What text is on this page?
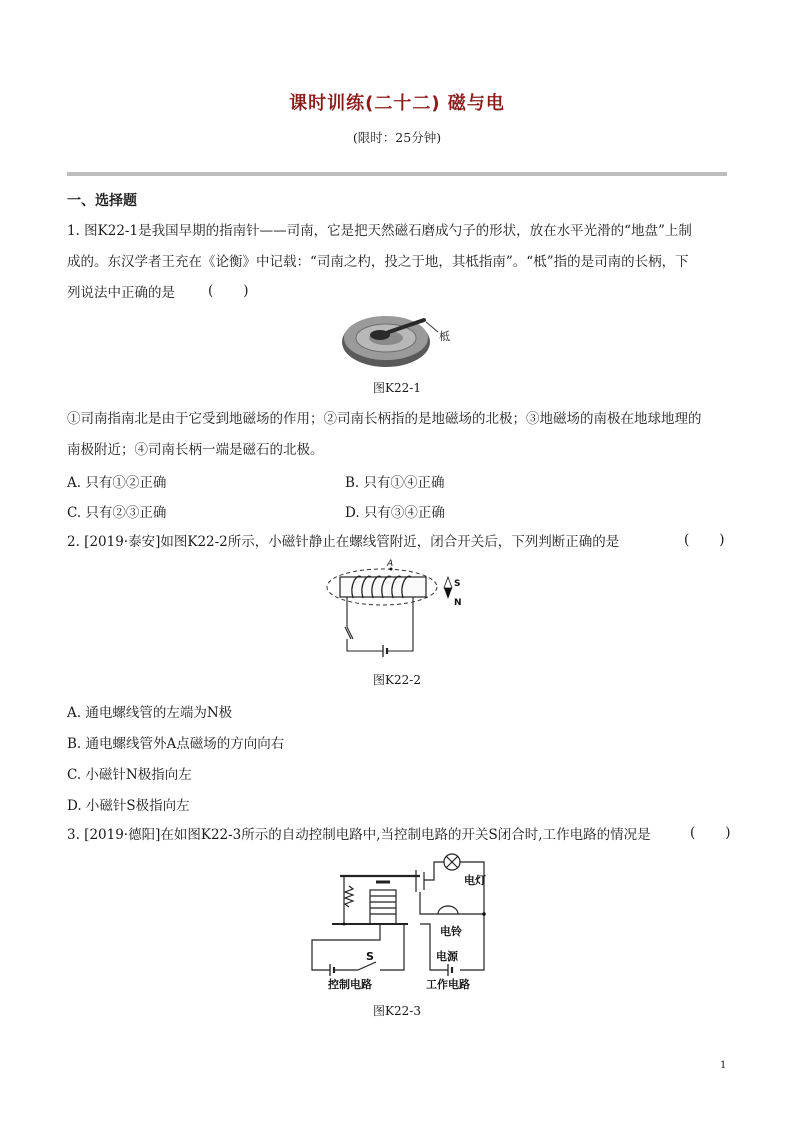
课时训练(二十二) 磁与电
(限时：25分钟)
一、选择题
1. 图K22-1是我国早期的指南针——司南，它是把天然磁石磨成勺子的形状，放在水平光滑的“地盘”上制
成的。东汉学者王充在《论衡》中记载：“司南之杓，投之于地，其柢指南”。“柢”指的是司南的长柄，下
列说法中正确的是 (       )
柢
图K22-1
①司南指南北是由于它受到地磁场的作用；②司南长柄指的是地磁场的北极；③地磁场的南极在地球地理的
南极附近；④司南长柄一端是磁石的北极。
A. 只有①②正确	B. 只有①④正确
C. 只有②③正确	D. 只有③④正确
2. [2019·泰安]如图K22-2所示，小磁针静止在螺线管附近，闭合开关后，下列判断正确的是	(       )
A
S
N
图K22-2
A. 通电螺线管的左端为N极
B. 通电螺线管外A点磁场的方向向右
C. 小磁针N极指向左
D. 小磁针S极指向左
3. [2019·德阳]在如图K22-3所示的自动控制电路中,当控制电路的开关S闭合时,工作电路的情况是	(       )
电灯
电铃
S	电源
控制电路	工作电路
图K22-3
1
